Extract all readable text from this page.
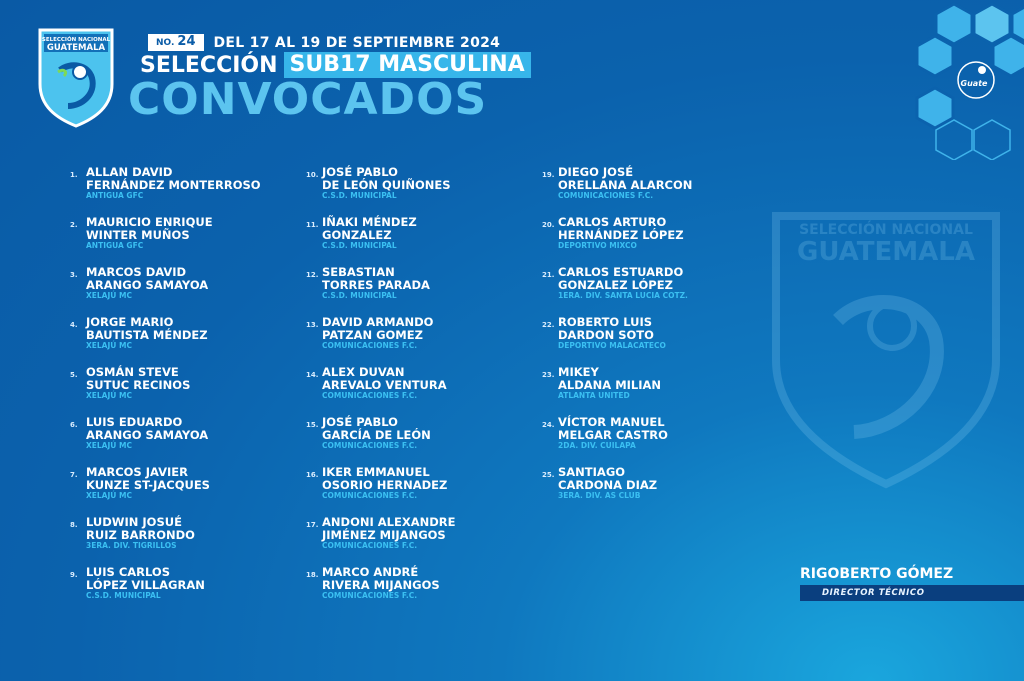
SELECCIÓN NACIONAL
GUATEMALA
Guate
SELECCIÓN NACIONAL
GUATEMALA
NO. 24	DEL 17 AL 19 DE SEPTIEMBRE 2024
SELECCIÓN SUB17 MASCULINA
CONVOCADOS
1. ALLAN DAVID
FERNÁNDEZ MONTERROSO
ANTIGUA GFC
2. MAURICIO ENRIQUE
WINTER MUÑOS
ANTIGUA GFC
3. MARCOS DAVID
ARANGO SAMAYOA
XELAJÚ MC
4. JORGE MARIO
BAUTISTA MÉNDEZ
XELAJÚ MC
5. OSMÁN STEVE
SUTUC RECINOS
XELAJÚ MC
6. LUIS EDUARDO
ARANGO SAMAYOA
XELAJÚ MC
7. MARCOS JAVIER
KUNZE ST-JACQUES
XELAJÚ MC
8. LUDWIN JOSUÉ
RUIZ BARRONDO
3ERA. DIV. TIGRILLOS
9. LUIS CARLOS
LÓPEZ VILLAGRAN
C.S.D. MUNICIPAL
10. JOSÉ PABLO
DE LEÓN QUIÑONES
C.S.D. MUNICIPAL
11. IÑAKI MÉNDEZ
GONZALEZ
C.S.D. MUNICIPAL
12. SEBASTIAN
TORRES PARADA
C.S.D. MUNICIPAL
13. DAVID ARMANDO
PATZAN GOMEZ
COMUNICACIONES F.C.
14. ALEX DUVAN
AREVALO VENTURA
COMUNICACIONES F.C.
15. JOSÉ PABLO
GARCÍA DE LEÓN
COMUNICACIONES F.C.
16. IKER EMMANUEL
OSORIO HERNADEZ
COMUNICACIONES F.C.
17. ANDONI ALEXANDRE
JIMÉNEZ MIJANGOS
COMUNICACIONES F.C.
18. MARCO ANDRÉ
RIVERA MIJANGOS
COMUNICACIONES F.C.
19. DIEGO JOSÉ
ORELLANA ALARCON
COMUNICACIONES F.C.
20. CARLOS ARTURO
HERNÁNDEZ LÓPEZ
DEPORTIVO MIXCO
21. CARLOS ESTUARDO
GONZALEZ LÓPEZ
1ERA. DIV. SANTA LUCIA COTZ.
22. ROBERTO LUIS
DARDON SOTO
DEPORTIVO MALACATECO
23. MIKEY
ALDANA MILIAN
ATLANTA UNITED
24. VÍCTOR MANUEL
MELGAR CASTRO
2DA. DIV. CUILAPA
25. SANTIAGO
CARDONA DIAZ
3ERA. DIV. AS CLUB
RIGOBERTO GÓMEZ
DIRECTOR TÉCNICO
